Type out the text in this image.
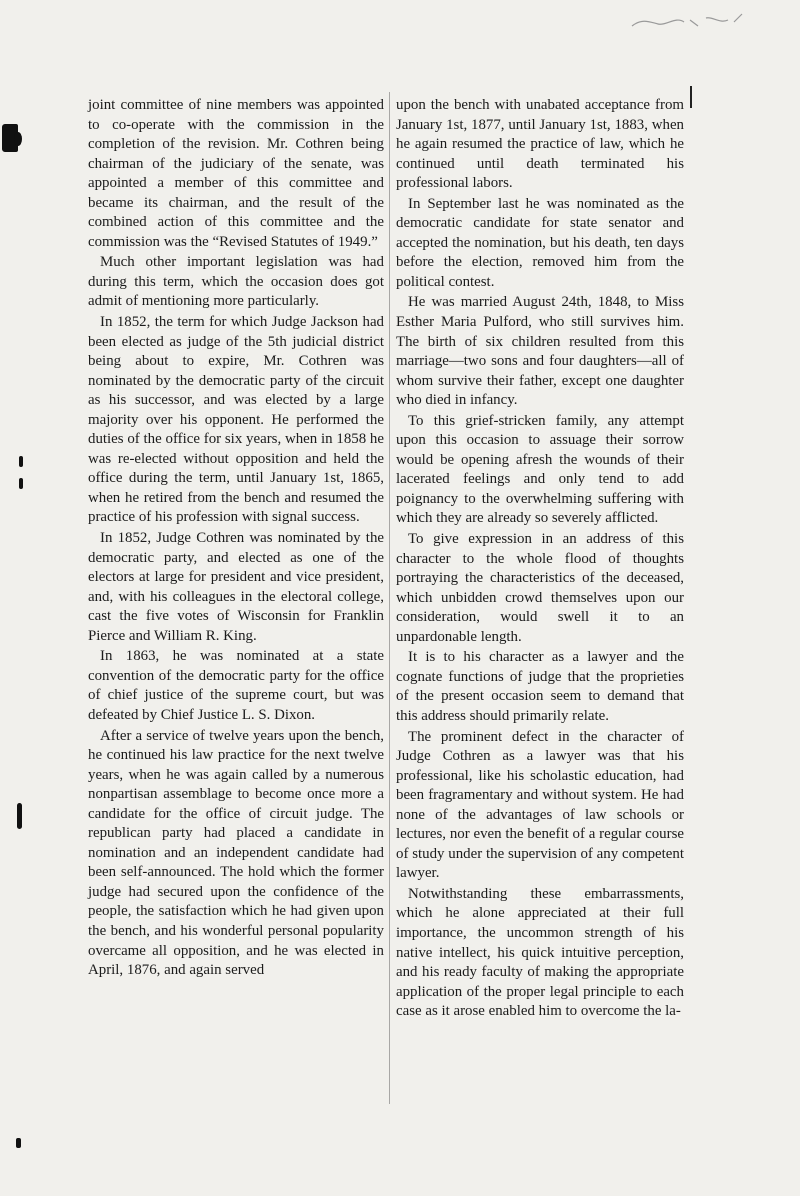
joint committee of nine members was appointed to co-operate with the commission in the completion of the revision. Mr. Cothren being chairman of the judiciary of the senate, was appointed a member of this committee and became its chairman, and the result of the combined action of this committee and the commission was the “Revised Statutes of 1949.”

Much other important legislation was had during this term, which the occasion does got admit of mentioning more particularly.

In 1852, the term for which Judge Jackson had been elected as judge of the 5th judicial district being about to expire, Mr. Cothren was nominated by the democratic party of the circuit as his successor, and was elected by a large majority over his opponent. He performed the duties of the office for six years, when in 1858 he was re-elected without opposition and held the office during the term, until January 1st, 1865, when he retired from the bench and resumed the practice of his profession with signal success.

In 1852, Judge Cothren was nominated by the democratic party, and elected as one of the electors at large for president and vice president, and, with his colleagues in the electoral college, cast the five votes of Wisconsin for Franklin Pierce and William R. King.

In 1863, he was nominated at a state convention of the democratic party for the office of chief justice of the supreme court, but was defeated by Chief Justice L. S. Dixon.

After a service of twelve years upon the bench, he continued his law practice for the next twelve years, when he was again called by a numerous nonpartisan assemblage to become once more a candidate for the office of circuit judge. The republican party had placed a candidate in nomination and an independent candidate had been self-announced. The hold which the former judge had secured upon the confidence of the people, the satisfaction which he had given upon the bench, and his wonderful personal popularity overcame all opposition, and he was elected in April, 1876, and again served

upon the bench with unabated acceptance from January 1st, 1877, until January 1st, 1883, when he again resumed the practice of law, which he continued until death terminated his professional labors.

In September last he was nominated as the democratic candidate for state senator and accepted the nomination, but his death, ten days before the election, removed him from the political contest.

He was married August 24th, 1848, to Miss Esther Maria Pulford, who still survives him. The birth of six children resulted from this marriage—two sons and four daughters—all of whom survive their father, except one daughter who died in infancy.

To this grief-stricken family, any attempt upon this occasion to assuage their sorrow would be opening afresh the wounds of their lacerated feelings and only tend to add poignancy to the overwhelming suffering with which they are already so severely afflicted.

To give expression in an address of this character to the whole flood of thoughts portraying the characteristics of the deceased, which unbidden crowd themselves upon our consideration, would swell it to an unpardonable length.

It is to his character as a lawyer and the cognate functions of judge that the proprieties of the present occasion seem to demand that this address should primarily relate.

The prominent defect in the character of Judge Cothren as a lawyer was that his professional, like his scholastic education, had been fragramentary and without system. He had none of the advantages of law schools or lectures, nor even the benefit of a regular course of study under the supervision of any competent lawyer.

Notwithstanding these embarrassments, which he alone appreciated at their full importance, the uncommon strength of his native intellect, his quick intuitive perception, and his ready faculty of making the appropriate application of the proper legal principle to each case as it arose enabled him to overcome the la-
